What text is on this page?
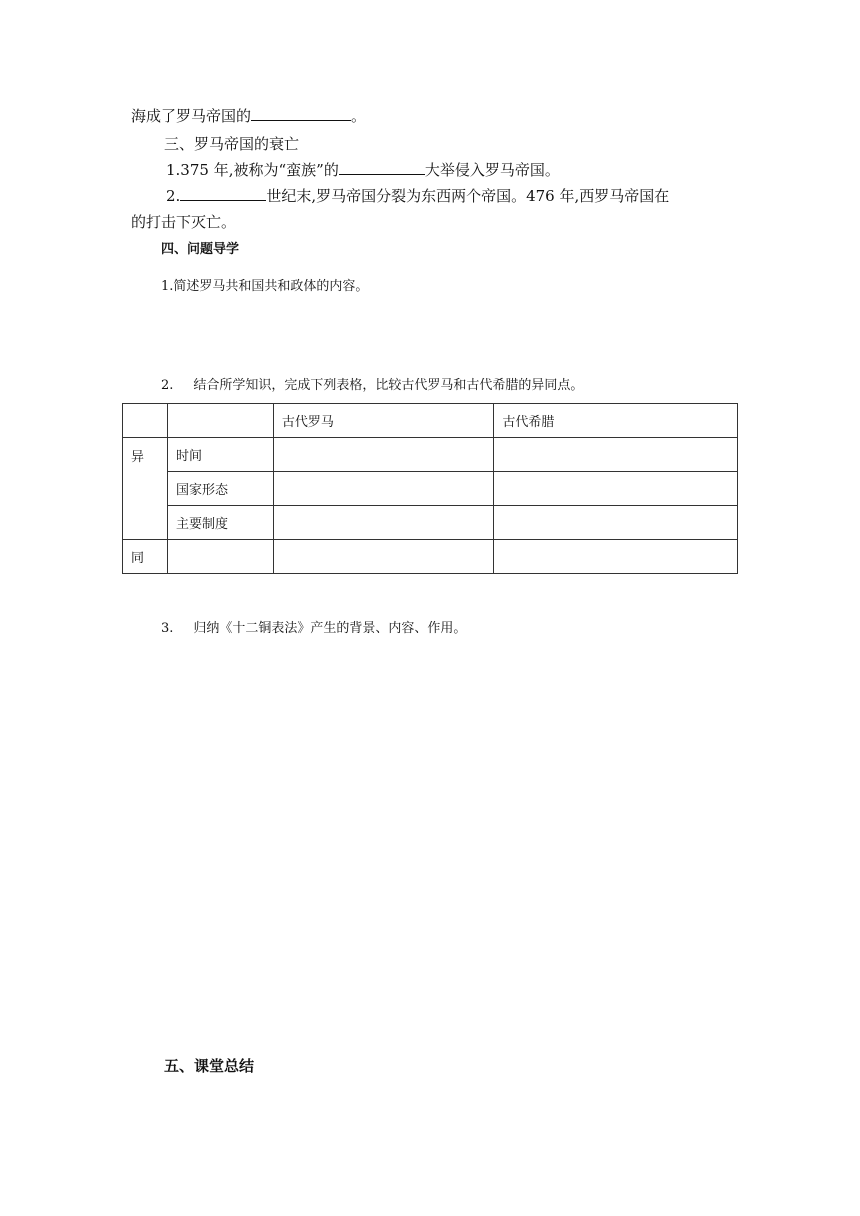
海成了罗马帝国的	。
三、罗马帝国的衰亡
1.375 年,被称为“蛮族”的	大举侵入罗马帝国。
2.	世纪末,罗马帝国分裂为东西两个帝国。476 年,西罗马帝国在
的打击下灭亡。
四、问题导学
1.简述罗马共和国共和政体的内容。
2. 结合所学知识，完成下列表格，比较古代罗马和古代希腊的异同点。
		古代罗马	古代希腊
异	时间		
	国家形态		
	主要制度		
同			
3. 归纳《十二铜表法》产生的背景、内容、作用。
五、课堂总结
